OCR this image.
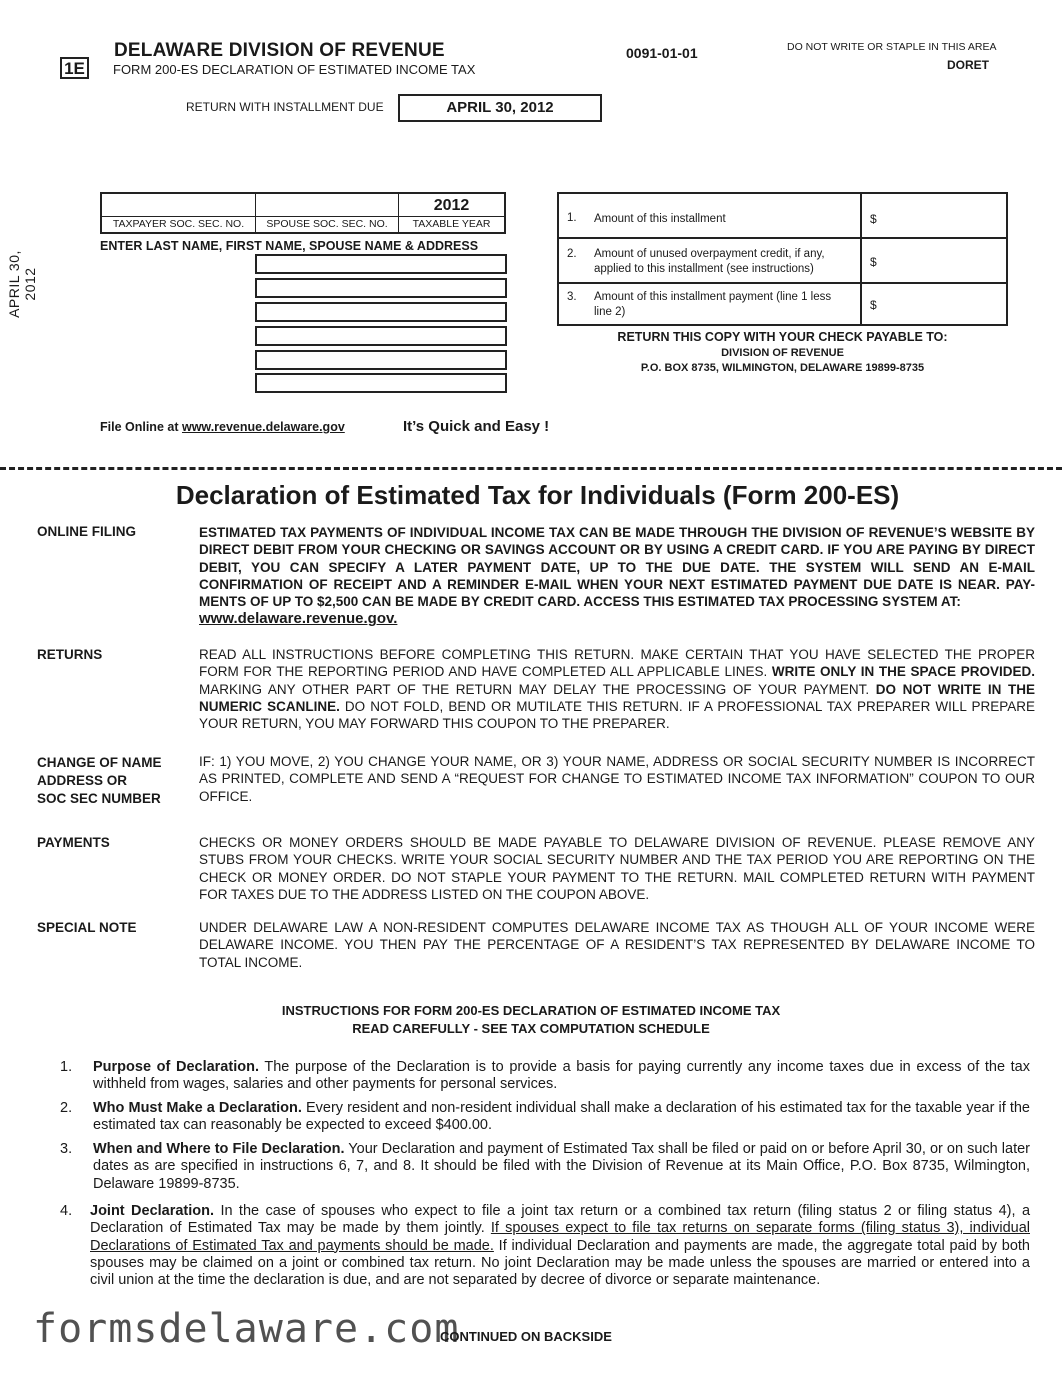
1E
DELAWARE DIVISION OF REVENUE
FORM 200-ES DECLARATION OF ESTIMATED INCOME TAX
0091-01-01	DO NOT WRITE OR STAPLE IN THIS AREA
DORET
RETURN WITH INSTALLMENT DUE	APRIL 30, 2012
APRIL 30, 2012
TAXPAYER SOC. SEC. NO.	SPOUSE SOC. SEC. NO.
2012
TAXABLE YEAR
ENTER LAST NAME, FIRST NAME, SPOUSE NAME & ADDRESS
1. Amount of this installment	$
2. Amount of unused overpayment credit, if any, applied to this installment (see instructions)	$
3. Amount of this installment payment (line 1 less line 2)	$
RETURN THIS COPY WITH YOUR CHECK PAYABLE TO:
DIVISION OF REVENUE
P.O. BOX 8735, WILMINGTON, DELAWARE 19899-8735
File Online at www.revenue.delaware.gov	It’s Quick and Easy !
Declaration of Estimated Tax for Individuals (Form 200-ES)
ONLINE FILING	ESTIMATED TAX PAYMENTS OF INDIVIDUAL INCOME TAX CAN BE MADE THROUGH THE DIVISION OF REVENUE’S WEBSITE BY DIRECT DEBIT FROM YOUR CHECKING OR SAVINGS ACCOUNT OR BY USING A CREDIT CARD. IF YOU ARE PAYING BY DIRECT DEBIT, YOU CAN SPECIFY A LATER PAYMENT DATE, UP TO THE DUE DATE. THE SYSTEM WILL SEND AN E-MAIL CONFIRMATION OF RECEIPT AND A REMINDER E-MAIL WHEN YOUR NEXT ESTIMATED PAYMENT DUE DATE IS NEAR. PAY-MENTS OF UP TO $2,500 CAN BE MADE BY CREDIT CARD. ACCESS THIS ESTIMATED TAX PROCESSING SYSTEM AT:
www.delaware.revenue.gov.
RETURNS	READ ALL INSTRUCTIONS BEFORE COMPLETING THIS RETURN. MAKE CERTAIN THAT YOU HAVE SELECTED THE PROPER FORM FOR THE REPORTING PERIOD AND HAVE COMPLETED ALL APPLICABLE LINES. WRITE ONLY IN THE SPACE PROVIDED. MARKING ANY OTHER PART OF THE RETURN MAY DELAY THE PROCESSING OF YOUR PAYMENT. DO NOT WRITE IN THE NUMERIC SCANLINE. DO NOT FOLD, BEND OR MUTILATE THIS RETURN. IF A PROFESSIONAL TAX PREPARER WILL PREPARE YOUR RETURN, YOU MAY FORWARD THIS COUPON TO THE PREPARER.
CHANGE OF NAME
ADDRESS OR
SOC SEC NUMBER
IF: 1) YOU MOVE, 2) YOU CHANGE YOUR NAME, OR 3) YOUR NAME, ADDRESS OR SOCIAL SECURITY NUMBER IS INCORRECT AS PRINTED, COMPLETE AND SEND A “REQUEST FOR CHANGE TO ESTIMATED INCOME TAX INFORMATION” COUPON TO OUR OFFICE.
PAYMENTS	CHECKS OR MONEY ORDERS SHOULD BE MADE PAYABLE TO DELAWARE DIVISION OF REVENUE. PLEASE REMOVE ANY STUBS FROM YOUR CHECKS. WRITE YOUR SOCIAL SECURITY NUMBER AND THE TAX PERIOD YOU ARE REPORTING ON THE CHECK OR MONEY ORDER. DO NOT STAPLE YOUR PAYMENT TO THE RETURN. MAIL COMPLETED RETURN WITH PAYMENT FOR TAXES DUE TO THE ADDRESS LISTED ON THE COUPON ABOVE.
SPECIAL NOTE	UNDER DELAWARE LAW A NON-RESIDENT COMPUTES DELAWARE INCOME TAX AS THOUGH ALL OF YOUR INCOME WERE DELAWARE INCOME. YOU THEN PAY THE PERCENTAGE OF A RESIDENT’S TAX REPRESENTED BY DELAWARE INCOME TO TOTAL INCOME.
INSTRUCTIONS FOR FORM 200-ES DECLARATION OF ESTIMATED INCOME TAX
READ CAREFULLY - SEE TAX COMPUTATION SCHEDULE
1. Purpose of Declaration. The purpose of the Declaration is to provide a basis for paying currently any income taxes due in excess of the tax withheld from wages, salaries and other payments for personal services.
2. Who Must Make a Declaration. Every resident and non-resident individual shall make a declaration of his estimated tax for the taxable year if the estimated tax can reasonably be expected to exceed $400.00.
3. When and Where to File Declaration. Your Declaration and payment of Estimated Tax shall be filed or paid on or before April 30, or on such later dates as are specified in instructions 6, 7, and 8. It should be filed with the Division of Revenue at its Main Office, P.O. Box 8735, Wilmington, Delaware 19899-8735.
4. Joint Declaration. In the case of spouses who expect to file a joint tax return or a combined tax return (filing status 2 or filing status 4), a Declaration of Estimated Tax may be made by them jointly. If spouses expect to file tax returns on separate forms (filing status 3), individual Declarations of Estimated Tax and payments should be made. If individual Declaration and payments are made, the aggregate total paid by both spouses may be claimed on a joint or combined tax return. No joint Declaration may be made unless the spouses are married or entered into a civil union at the time the declaration is due, and are not separated by decree of divorce or separate maintenance.
formsdelaware.com
CONTINUED ON BACKSIDE
